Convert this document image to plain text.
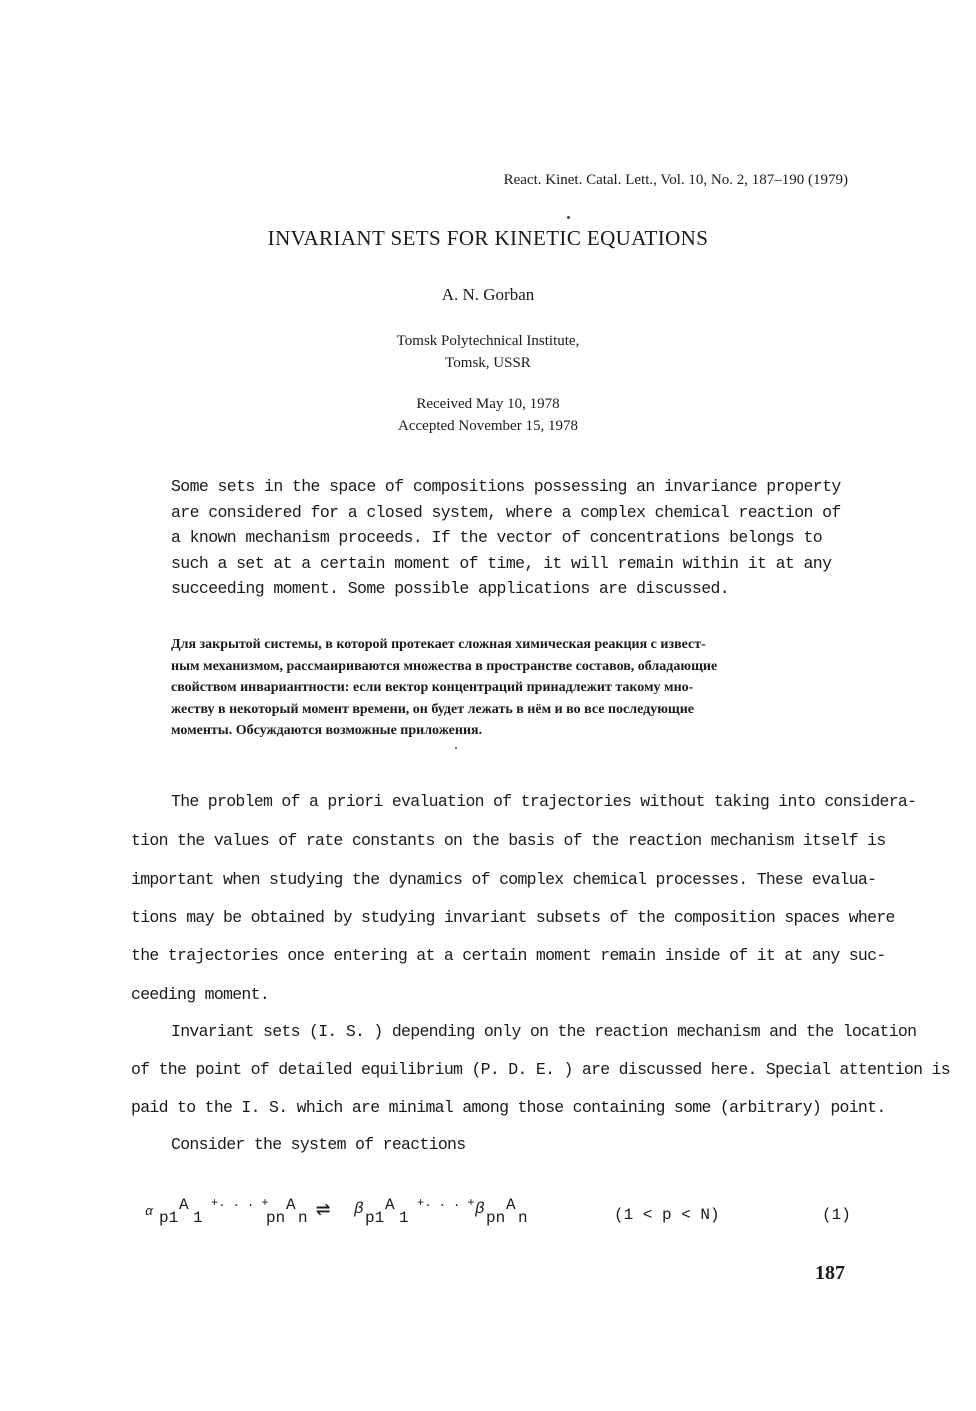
React. Kinet. Catal. Lett., Vol. 10, No. 2, 187–190 (1979)
INVARIANT SETS FOR KINETIC EQUATIONS
A. N. Gorban
Tomsk Polytechnical Institute,
Tomsk, USSR
Received May 10, 1978
Accepted November 15, 1978
Some sets in the space of compositions possessing an invariance property
are considered for a closed system, where a complex chemical reaction of
a known mechanism proceeds. If the vector of concentrations belongs to
such a set at a certain moment of time, it will remain within it at any
succeeding moment. Some possible applications are discussed.
Для закрытой системы, в которой протекает сложная химическая реакция с извест-
ным механизмом, рассмаириваются множества в пространстве составов, обладающие
свойством инвариантности: если вектор концентраций принадлежит такому мно-
жеству в некоторый момент времени, он будет лежать в нём и во все последующие
моменты. Обсуждаются возможные приложения.
The problem of a priori evaluation of trajectories without taking into considera-
tion the values of rate constants on the basis of the reaction mechanism itself is
important when studying the dynamics of complex chemical processes. These evalua-
tions may be obtained by studying invariant subsets of the composition spaces where
the trajectories once entering at a certain moment remain inside of it at any suc-
ceeding moment.
Invariant sets (I. S. ) depending only on the reaction mechanism and the location
of the point of detailed equilibrium (P. D. E. ) are discussed here. Special attention is
paid to the I. S. which are minimal among those containing some (arbitrary) point.
Consider the system of reactions
α A
p1 1
+. . . + A
pn n ⇌ β A
p1 1
+. . . + β A
pn n	(1 < p < N)	(1)
187
